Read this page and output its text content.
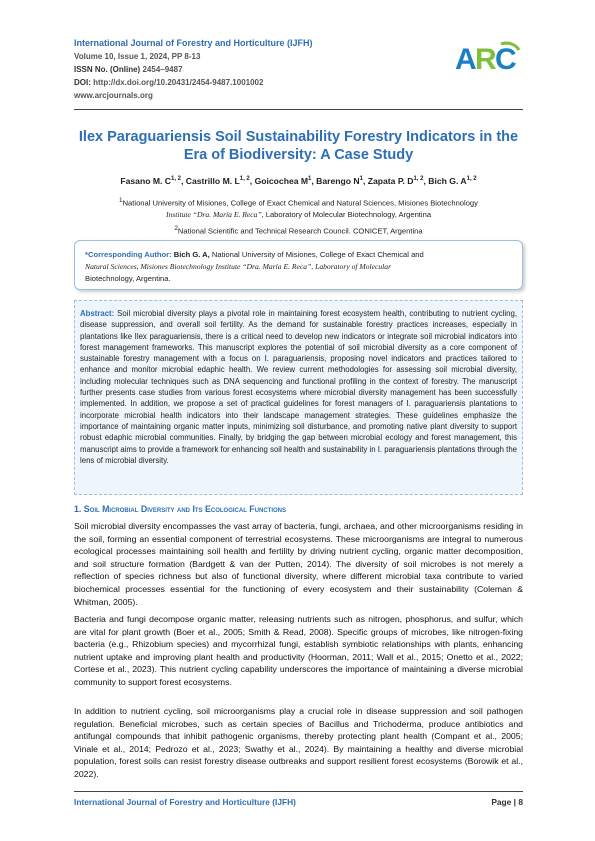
International Journal of Forestry and Horticulture (IJFH)
Volume 10, Issue 1, 2024, PP 8-13
ISSN No. (Online) 2454–9487
DOI: http://dx.doi.org/10.20431/2454-9487.1001002
www.arcjournals.org
A
R
C
Ilex Paraguariensis Soil Sustainability Forestry Indicators in the Era of Biodiversity: A Case Study
Fasano M. C$^{1, 2}$, Castrillo M. L$^{1, 2}$, Goicochea $M^1$, Barengo $N^1$, Zapata P. D$^{1, 2}$, Bich G. A$^{1, 2}$
$^1$National University of Misiones, College of Exact Chemical and Natural Sciences, Misiones Biotechnology
Institute “Dra. María E. Reca”, Laboratory of Molecular Biotechnology, Argentina
$^2$National Scientific and Technical Research Council. CONICET, Argentina
*Corresponding Author: Bich G. A, National University of Misiones, College of Exact Chemical and
Natural Sciences, Misiones Biotechnology Institute “Dra. María E. Reca”, Laboratory of Molecular
Biotechnology, Argentina.
Abstract: Soil microbial diversity plays a pivotal role in maintaining forest ecosystem health, contributing to nutrient cycling, disease suppression, and overall soil fertility. As the demand for sustainable forestry practices increases, especially in plantations like Ilex paraguariensis, there is a critical need to develop new indicators or integrate soil microbial indicators into forest management frameworks. This manuscript explores the potential of soil microbial diversity as a core component of sustainable forestry management with a focus on I. paraguariensis, proposing novel indicators and practices tailored to enhance and monitor microbial edaphic health. We review current methodologies for assessing soil microbial diversity, including molecular techniques such as DNA sequencing and functional profiling in the context of forestry. The manuscript further presents case studies from various forest ecosystems where microbial diversity management has been successfully implemented. In addition, we propose a set of practical guidelines for forest managers of I. paraguariensis plantations to incorporate microbial health indicators into their landscape management strategies. These guidelines emphasize the importance of maintaining organic matter inputs, minimizing soil disturbance, and promoting native plant diversity to support robust edaphic microbial communities. Finally, by bridging the gap between microbial ecology and forest management, this manuscript aims to provide a framework for enhancing soil health and sustainability in I. paraguariensis plantations through the lens of microbial diversity.
1. Soil Microbial Diversity and Its Ecological Functions
Soil microbial diversity encompasses the vast array of bacteria, fungi, archaea, and other microorganisms residing in the soil, forming an essential component of terrestrial ecosystems. These microorganisms are integral to numerous ecological processes maintaining soil health and fertility by driving nutrient cycling, organic matter decomposition, and soil structure formation (Bardgett & van der Putten, 2014). The diversity of soil microbes is not merely a reflection of species richness but also of functional diversity, where different microbial taxa contribute to varied biochemical processes essential for the functioning of every ecosystem and their sustainability (Coleman & Whitman, 2005).
Bacteria and fungi decompose organic matter, releasing nutrients such as nitrogen, phosphorus, and sulfur, which are vital for plant growth (Boer et al., 2005; Smith & Read, 2008). Specific groups of microbes, like nitrogen-fixing bacteria (e.g., Rhizobium species) and mycorrhizal fungi, establish symbiotic relationships with plants, enhancing nutrient uptake and improving plant health and productivity (Hoorman, 2011; Wall et al., 2015; Onetto et al., 2022; Cortese et al., 2023). This nutrient cycling capability underscores the importance of maintaining a diverse microbial community to support forest ecosystems.
In addition to nutrient cycling, soil microorganisms play a crucial role in disease suppression and soil pathogen regulation. Beneficial microbes, such as certain species of Bacillus and Trichoderma, produce antibiotics and antifungal compounds that inhibit pathogenic organisms, thereby protecting plant health (Compant et al., 2005; Vinale et al., 2014; Pedrozo et al., 2023; Swathy et al., 2024). By maintaining a healthy and diverse microbial population, forest soils can resist forestry disease outbreaks and support resilient forest ecosystems (Borowik et al., 2022).
International Journal of Forestry and Horticulture (IJFH)	Page | 8
